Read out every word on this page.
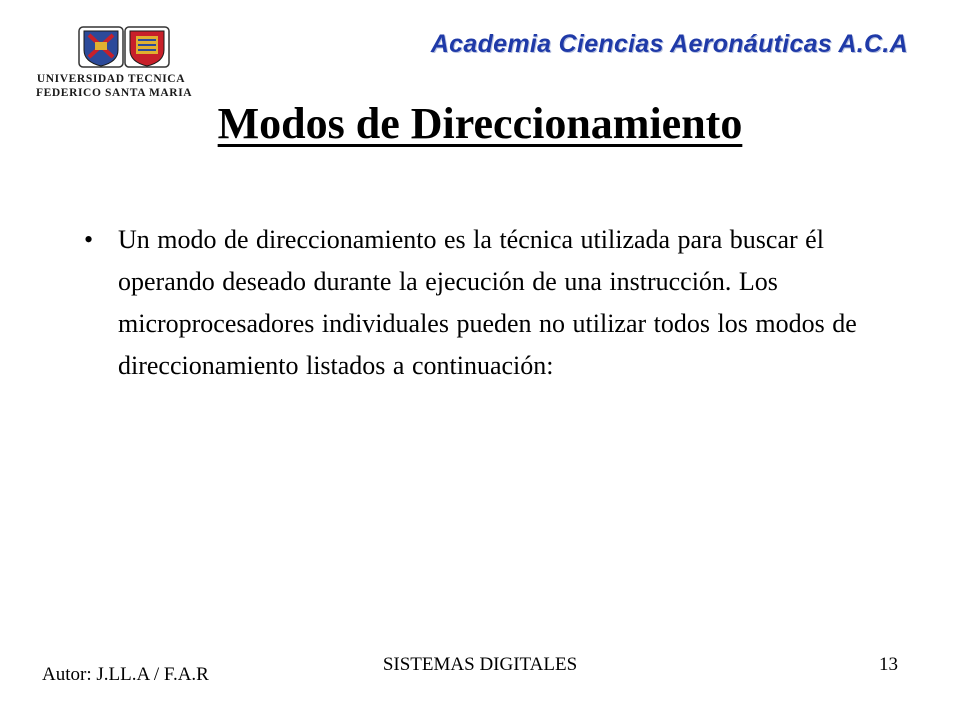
UNIVERSIDAD TECNICA
FEDERICO SANTA MARIA
Academia Ciencias Aeronáuticas A.C.A
Modos de Direccionamiento
• Un modo de direccionamiento es la técnica utilizada para buscar él operando deseado durante la ejecución de una instrucción. Los microprocesadores individuales pueden no utilizar todos los modos de direccionamiento listados a continuación:
Autor: J.LL.A / F.A.R	SISTEMAS DIGITALES	13
